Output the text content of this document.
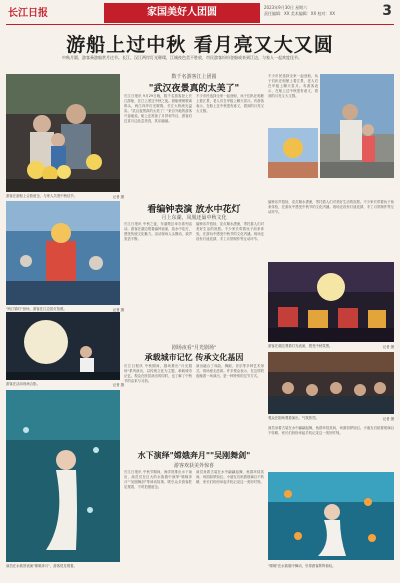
长江日报	家国美好人团圆	2023年9月30日 星期六
责任编辑：XX 美术编辑：XX 校对：XX	3
游船上过中秋 看月亮又大又圆
中秋月圆，游客乘游船赏月过节。长江、汉江两岸灯光璀璨，江城夜色美不胜收，市民游客纷纷登船或来到江边，与家人一起欢度佳节。
游客在游船上合影留念，与家人共度中秋佳节。	记者 摄
数千名游客江上团圆
"武汉夜景真的太美了"

长江日报讯 9月29日晚，数千名游客登上长江游船，在江上度过中秋之夜。游船缓缓驶离码头，两江四岸灯光璀璨，长江大桥流光溢彩。"武汉夜景真的太美了！"来自外地的游客兴奋地说。船上还准备了月饼和节目，游客们边赏月边品尝美食，其乐融融。

不少市民选择全家一起登船，孩子们趴在船舷上看江景，老人们在甲板上聊天赏月。有游客表示，在船上过中秋很有意义，看到的月亮又大又圆。

不少市民选择全家一起登船，孩子们趴在船舷上看江景，老人们在甲板上聊天赏月。有游客表示，在船上过中秋很有意义，看到的月亮又大又圆。

看编钟表演 放水中花灯
月上东湖，凤凰还巢中秋文化
"两江锦灯"登场，游客在江边赏灯拍照。	记者 摄

长江日报讯 中秋之夜，东湖景区举办系列活动。游客在湖边观看编钟表演，放水中花灯，感受传统文化魅力。活动现场人头攒动，欢声笑语不断。

编钟乐声悠扬，花灯顺水漂流，寄托着人们对美好生活的祝愿。不少家长带着孩子前来体验，在游玩中感受中秋节的文化内涵。现场还设有灯谜竞猜、手工月饼制作等互动环节。

编钟乐声悠扬，花灯顺水漂流，寄托着人们对美好生活的祝愿。不少家长带着孩子前来体验，在游玩中感受中秋节的文化内涵。现场还设有灯谜竞猜、手工月饼制作等互动环节。

游客在湖边观看灯光表演，感受中秋氛围。	记者 摄
游客在活动现场合影。	记者 摄
剧场夜看"月光剧场"
承载城市记忆 传承文化基因

长江日报讯 中秋期间，剧场推出"月光剧场"系列演出，以传统文化为主题，承载城市记忆。观众在欣赏演出的同时，也了解了中秋节的由来与习俗。

演出融合了戏曲、舞蹈、音乐等多种艺术形式，现场座无虚席。许多观众表示，在这样的夜晚看一场演出，是一种特别的过节方式。

观众在剧场观看演出，气氛热烈。	记者 摄
演员在水族馆表演"嫦娥奔月"，游客驻足观看。
水下演绎"嫦娥奔月""吴刚舞剑"
游客欢获美外惊喜

长江日报讯 中秋节期间，海洋馆推出水下演出，演员们在巨大的水族箱中演绎"嫦娥奔月""吴刚舞剑"等神话故事，吸引众多游客驻足观看，不时拍照留念。

演员身着古装在水中翩翩起舞，鱼群环绕其间，场面如梦如幻。小朋友们贴着玻璃目不转睛，家长们纷纷举起手机记录这一美好时刻。

演员身着古装在水中翩翩起舞，鱼群环绕其间，场面如梦如幻。小朋友们贴着玻璃目不转睛，家长们纷纷举起手机记录这一美好时刻。

"嫦娥"在水族箱中舞动，引得游客阵阵惊叹。
